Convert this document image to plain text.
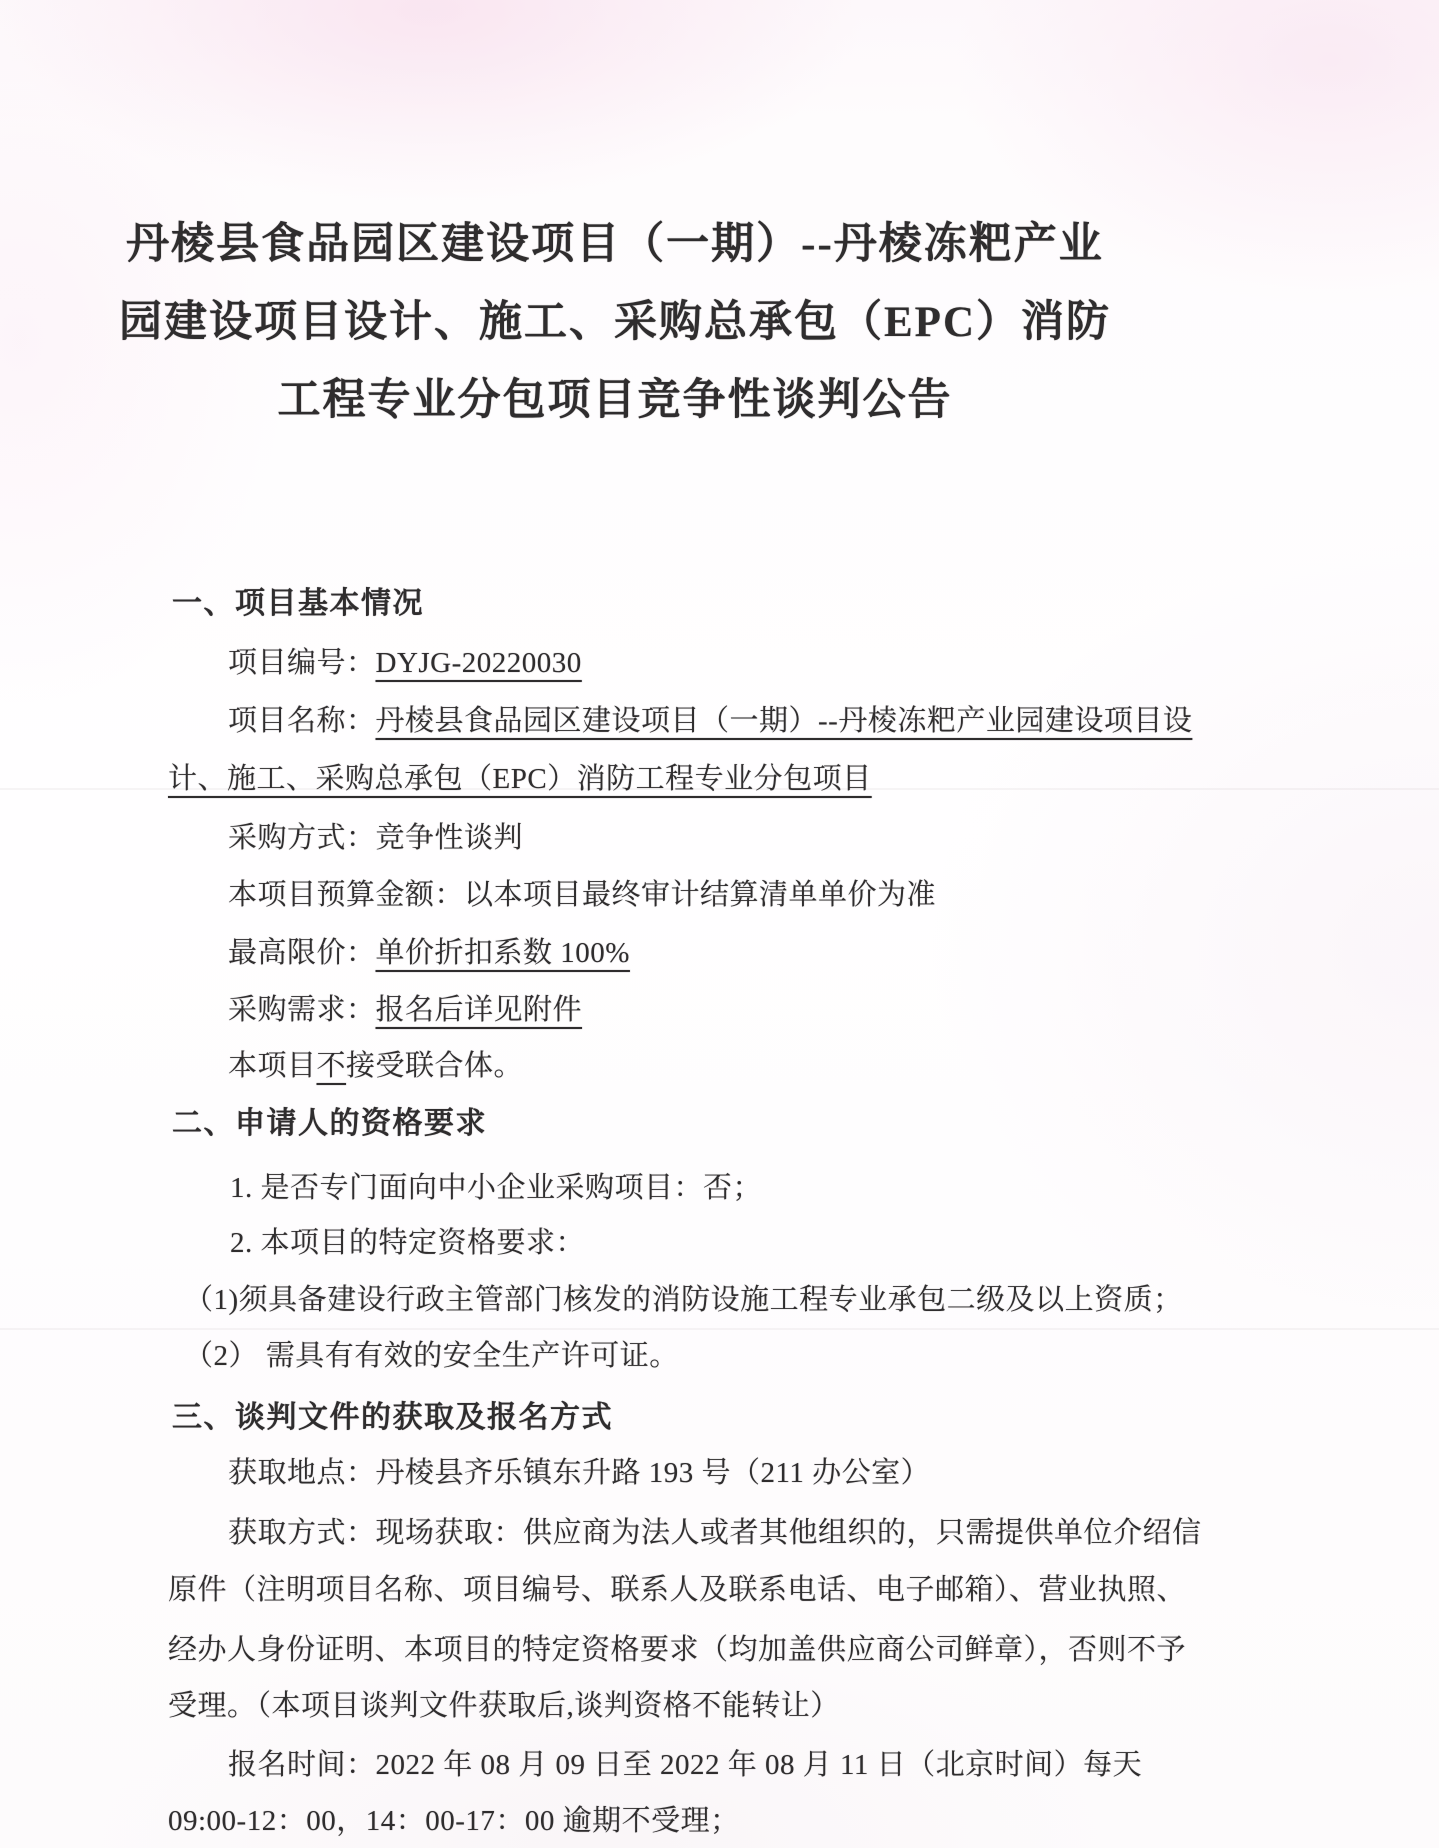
丹棱县食品园区建设项目（一期）--丹棱冻粑产业
园建设项目设计、施工、采购总承包（EPC）消防
工程专业分包项目竞争性谈判公告
一、项目基本情况
项目编号：DYJG-20220030
项目名称：丹棱县食品园区建设项目（一期）--丹棱冻粑产业园建设项目设
计、施工、采购总承包（EPC）消防工程专业分包项目
采购方式：竞争性谈判
本项目预算金额：以本项目最终审计结算清单单价为准
最高限价：单价折扣系数 100%
采购需求：报名后详见附件
本项目不接受联合体。
二、申请人的资格要求
1. 是否专门面向中小企业采购项目：否；
2. 本项目的特定资格要求：
（1)须具备建设行政主管部门核发的消防设施工程专业承包二级及以上资质；
（2） 需具有有效的安全生产许可证。
三、谈判文件的获取及报名方式
获取地点：丹棱县齐乐镇东升路 193 号（211 办公室）
获取方式：现场获取：供应商为法人或者其他组织的，只需提供单位介绍信
原件（注明项目名称、项目编号、联系人及联系电话、电子邮箱）、营业执照、
经办人身份证明、本项目的特定资格要求（均加盖供应商公司鲜章），否则不予
受理。（本项目谈判文件获取后,谈判资格不能转让）
报名时间：2022 年 08 月 09 日至 2022 年 08 月 11 日（北京时间）每天
09:00-12：00，14：00-17：00 逾期不受理；
